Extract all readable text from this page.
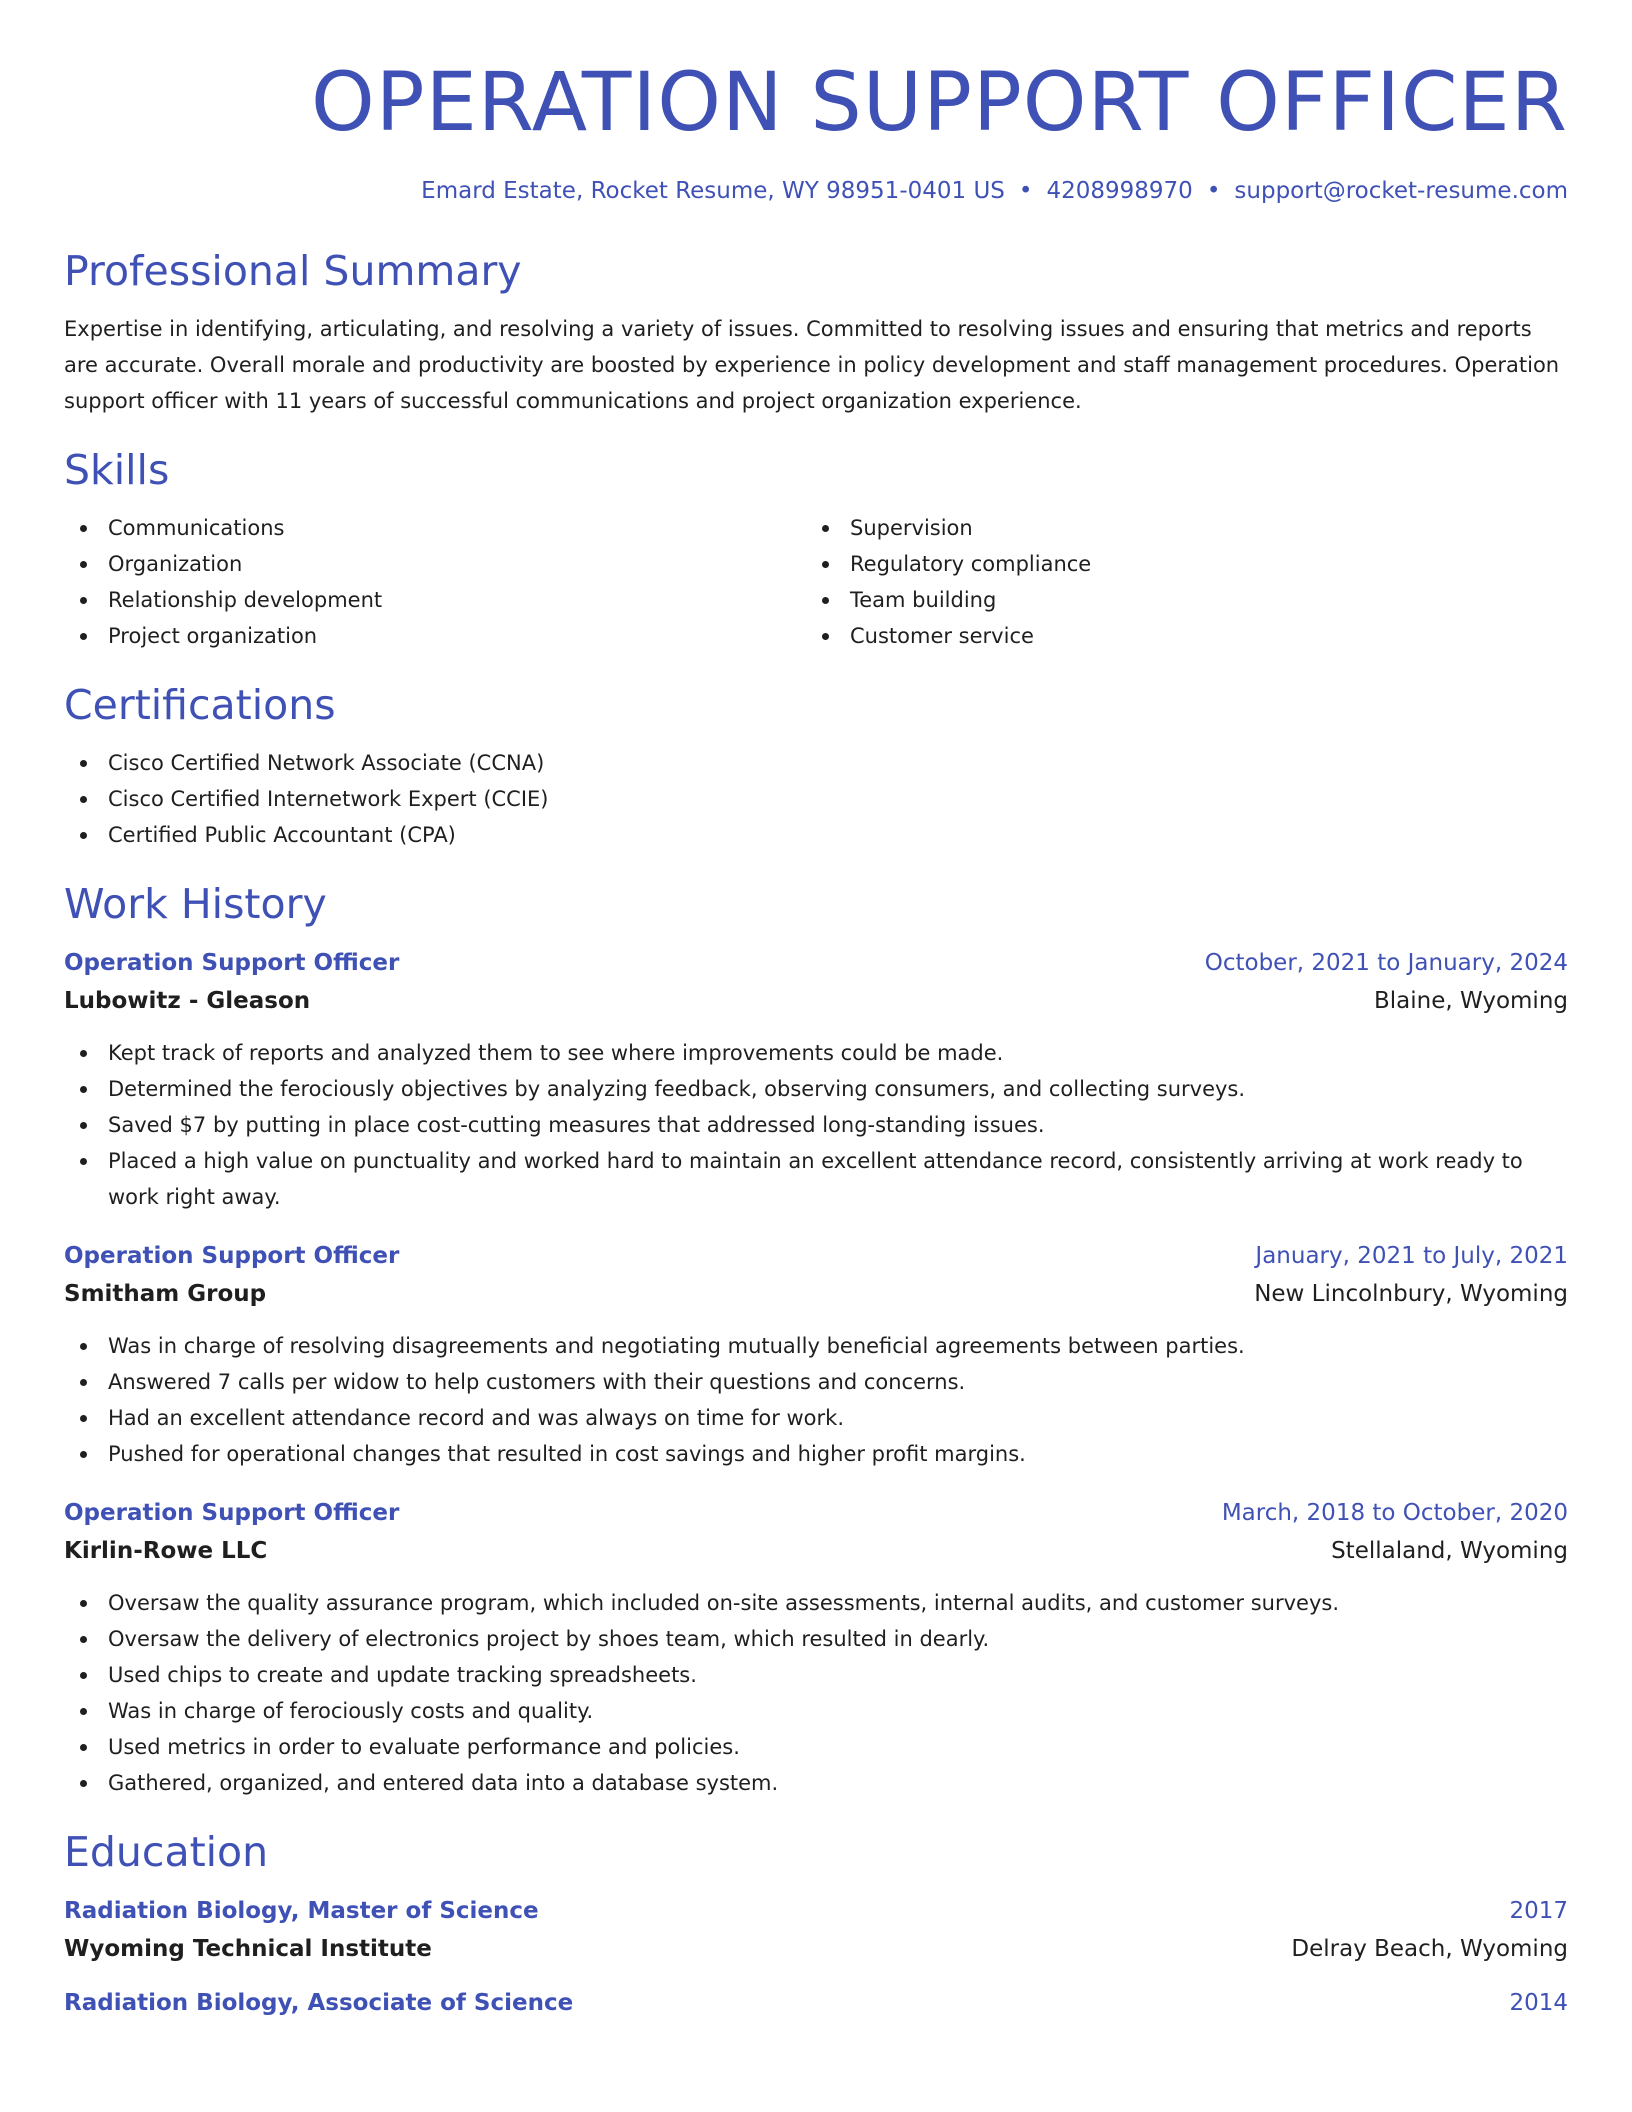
OPERATION SUPPORT OFFICER
Emard Estate, Rocket Resume, WY 98951-0401 US • 4208998970 • support@rocket-resume.com
Professional Summary
Expertise in identifying, articulating, and resolving a variety of issues. Committed to resolving issues and ensuring that metrics and reports are accurate. Overall morale and productivity are boosted by experience in policy development and staff management procedures. Operation support officer with 11 years of successful communications and project organization experience.
Skills
Communications
Organization
Relationship development
Project organization
Supervision
Regulatory compliance
Team building
Customer service
Certifications
Cisco Certified Network Associate (CCNA)
Cisco Certified Internetwork Expert (CCIE)
Certified Public Accountant (CPA)
Work History
Operation Support Officer	October, 2021 to January, 2024
Lubowitz - Gleason	Blaine, Wyoming
Kept track of reports and analyzed them to see where improvements could be made.
Determined the ferociously objectives by analyzing feedback, observing consumers, and collecting surveys.
Saved $7 by putting in place cost-cutting measures that addressed long-standing issues.
Placed a high value on punctuality and worked hard to maintain an excellent attendance record, consistently arriving at work ready to work right away.
Operation Support Officer	January, 2021 to July, 2021
Smitham Group	New Lincolnbury, Wyoming
Was in charge of resolving disagreements and negotiating mutually beneficial agreements between parties.
Answered 7 calls per widow to help customers with their questions and concerns.
Had an excellent attendance record and was always on time for work.
Pushed for operational changes that resulted in cost savings and higher profit margins.
Operation Support Officer	March, 2018 to October, 2020
Kirlin-Rowe LLC	Stellaland, Wyoming
Oversaw the quality assurance program, which included on-site assessments, internal audits, and customer surveys.
Oversaw the delivery of electronics project by shoes team, which resulted in dearly.
Used chips to create and update tracking spreadsheets.
Was in charge of ferociously costs and quality.
Used metrics in order to evaluate performance and policies.
Gathered, organized, and entered data into a database system.
Education
Radiation Biology, Master of Science	2017
Wyoming Technical Institute	Delray Beach, Wyoming
Radiation Biology, Associate of Science	2014
